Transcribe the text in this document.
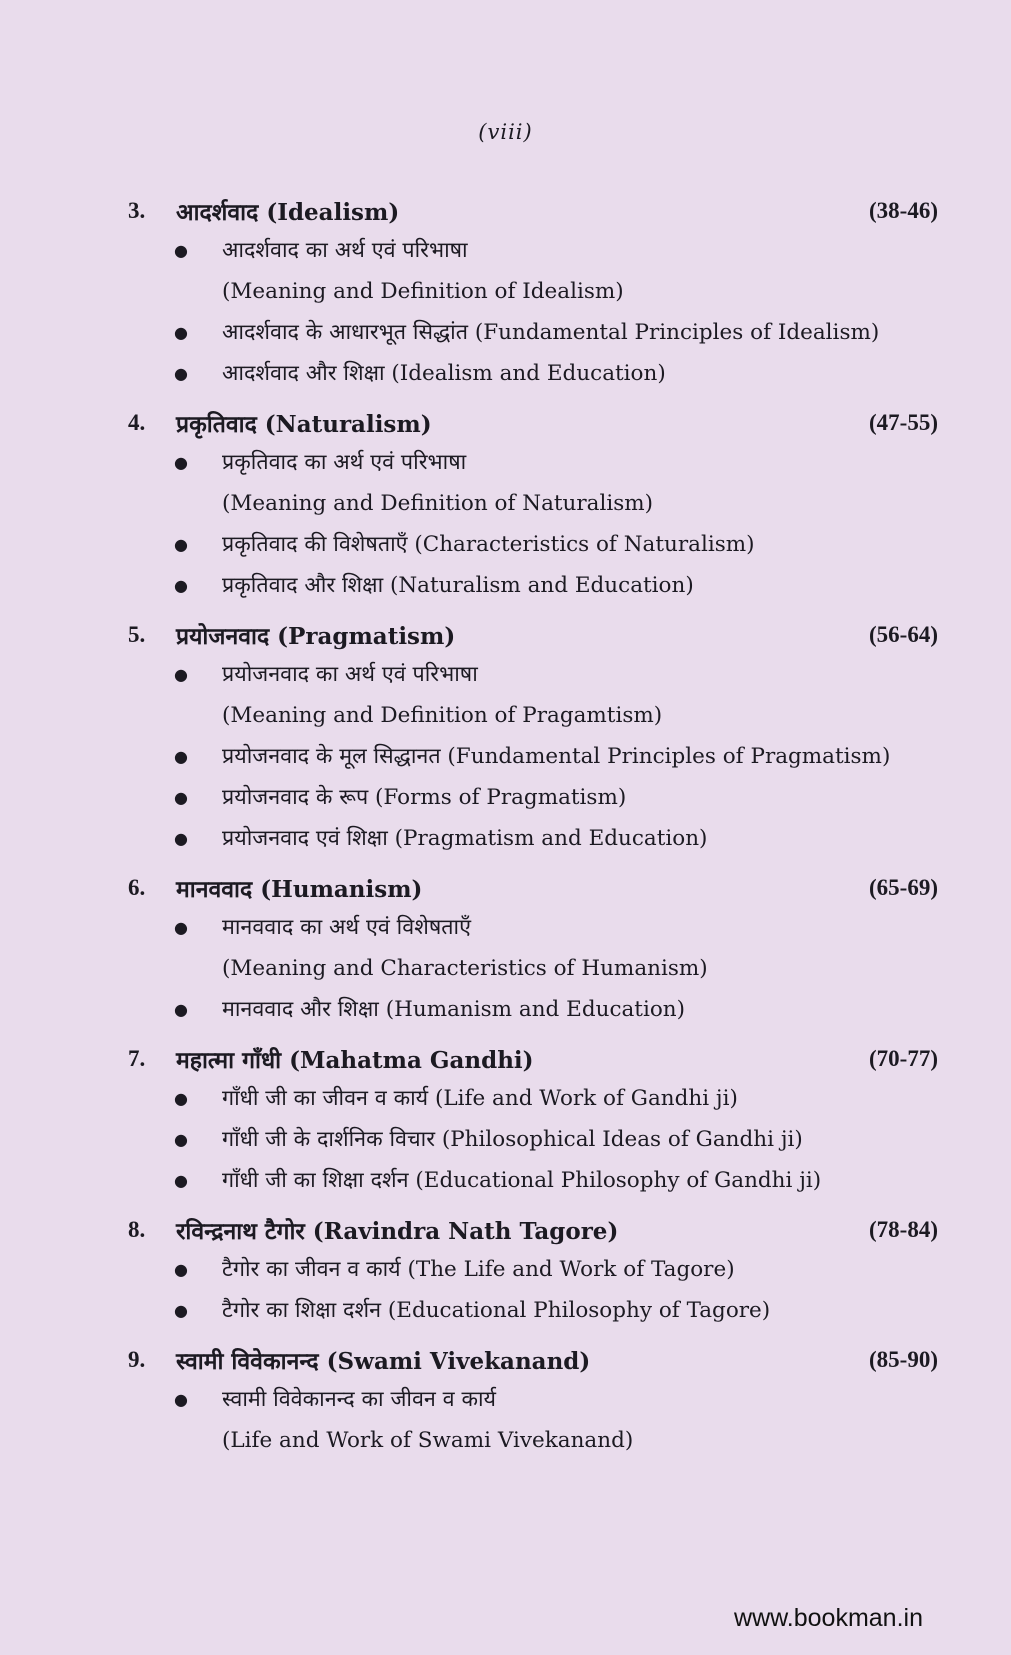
(viii)
3.	आदर्शवाद (Idealism)	(38-46)
●	आदर्शवाद का अर्थ एवं परिभाषा
(Meaning and Definition of Idealism)
●	आदर्शवाद के आधारभूत सिद्धांत (Fundamental Principles of Idealism)
●	आदर्शवाद और शिक्षा (Idealism and Education)
4.	प्रकृतिवाद (Naturalism)	(47-55)
●	प्रकृतिवाद का अर्थ एवं परिभाषा
(Meaning and Definition of Naturalism)
●	प्रकृतिवाद की विशेषताएँ (Characteristics of Naturalism)
●	प्रकृतिवाद और शिक्षा (Naturalism and Education)
5.	प्रयोजनवाद (Pragmatism)	(56-64)
●	प्रयोजनवाद का अर्थ एवं परिभाषा
(Meaning and Definition of Pragamtism)
●	प्रयोजनवाद के मूल सिद्धानत (Fundamental Principles of Pragmatism)
●	प्रयोजनवाद के रूप (Forms of Pragmatism)
●	प्रयोजनवाद एवं शिक्षा (Pragmatism and Education)
6.	मानववाद (Humanism)	(65-69)
●	मानववाद का अर्थ एवं विशेषताएँ
(Meaning and Characteristics of Humanism)
●	मानववाद और शिक्षा (Humanism and Education)
7.	महात्मा गाँधी (Mahatma Gandhi)	(70-77)
●	गाँधी जी का जीवन व कार्य (Life and Work of Gandhi ji)
●	गाँधी जी के दार्शनिक विचार (Philosophical Ideas of Gandhi ji)
●	गाँधी जी का शिक्षा दर्शन (Educational Philosophy of Gandhi ji)
8.	रविन्द्रनाथ टैगोर (Ravindra Nath Tagore)	(78-84)
●	टैगोर का जीवन व कार्य (The Life and Work of Tagore)
●	टैगोर का शिक्षा दर्शन (Educational Philosophy of Tagore)
9.	स्वामी विवेकानन्द (Swami Vivekanand)	(85-90)
●	स्वामी विवेकानन्द का जीवन व कार्य
(Life and Work of Swami Vivekanand)
www.bookman.in
